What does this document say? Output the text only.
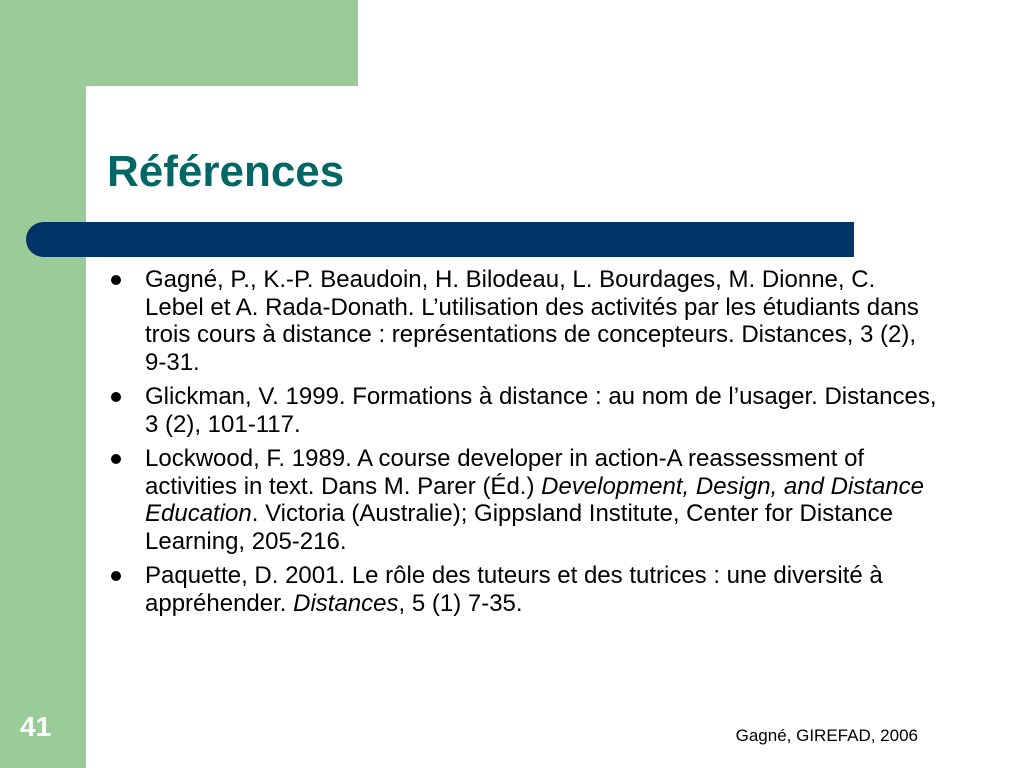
Références
Gagné, P., K.-P. Beaudoin, H. Bilodeau, L. Bourdages, M. Dionne, C. Lebel et A. Rada-Donath. L’utilisation des activités par les étudiants dans trois cours à distance : représentations de concepteurs. Distances, 3 (2), 9-31.
Glickman, V. 1999. Formations à distance : au nom de l’usager. Distances, 3 (2), 101-117.
Lockwood, F. 1989. A course developer in action-A reassessment of activities in text. Dans M. Parer (Éd.) Development, Design, and Distance Education. Victoria (Australie); Gippsland Institute, Center for Distance Learning, 205-216.
Paquette, D. 2001. Le rôle des tuteurs et des tutrices : une diversité à appréhender. Distances, 5 (1) 7-35.
41	Gagné, GIREFAD, 2006
